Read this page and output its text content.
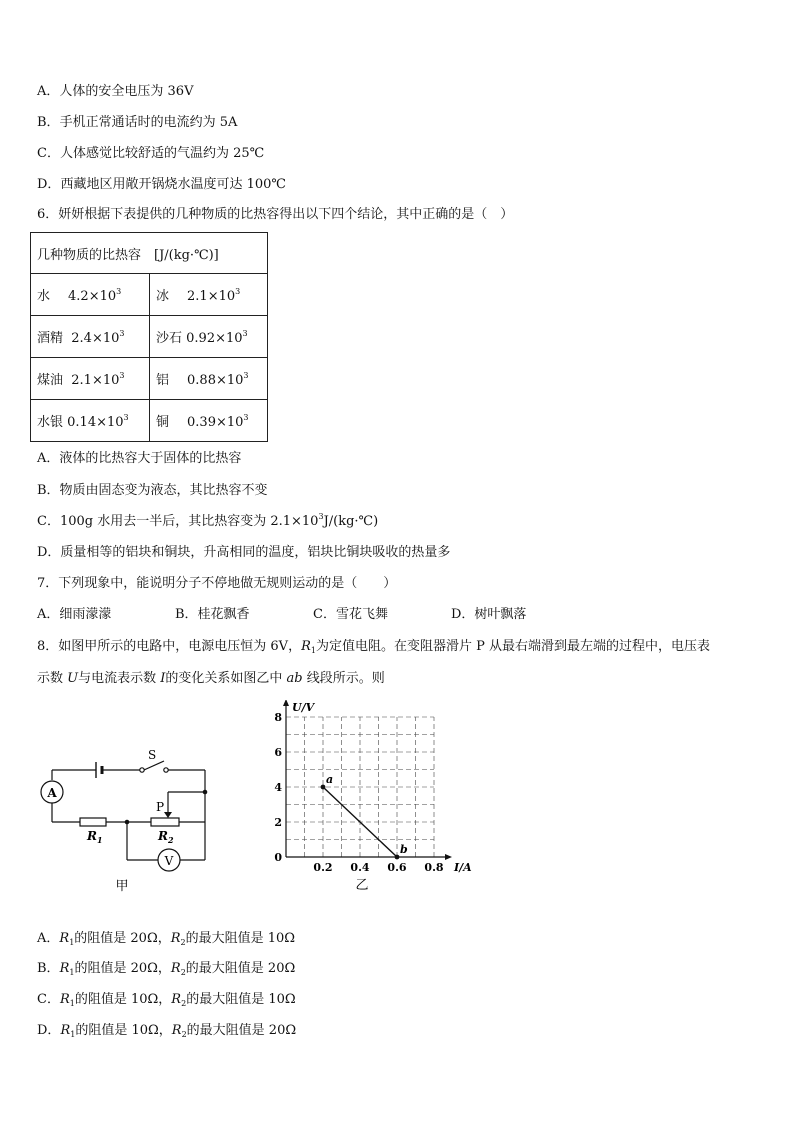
A．人体的安全电压为 36V
B．手机正常通话时的电流约为 5A
C．人体感觉比较舒适的气温约为 25℃
D．西藏地区用敞开锅烧水温度可达 100℃
6．妍妍根据下表提供的几种物质的比热容得出以下四个结论，其中正确的是（　）
几种物质的比热容　[J/(kg·℃)]	
水 $4.2\times 10^3$	冰 $2.1\times 10^3$
酒精 $2.4\times 10^3$	沙石 $0.92\times 10^3$
煤油 $2.1\times 10^3$	铝 $0.88\times 10^3$
水银 $0.14\times 10^3$	铜 $0.39\times 10^3$
A．液体的比热容大于固体的比热容
B．物质由固态变为液态，其比热容不变
C．100g 水用去一半后，其比热容变为 $2.1\times 10^3J/(kg\cdot℃)$
D．质量相等的铝块和铜块，升高相同的温度，铝块比铜块吸收的热量多
7．下列现象中，能说明分子不停地做无规则运动的是（　　）
A．细雨濛濛	B．桂花飘香	C．雪花飞舞	D．树叶飘落
8．如图甲所示的电路中，电源电压恒为 6V，$R_1$为定值电阻。在变阻器滑片 P 从最右端滑到最左端的过程中，电压表
示数 U与电流表示数 I的变化关系如图乙中 ab 线段所示。则
A
V
S
P
$R_1$	$R_2$
甲
0.2 0.4 0.6 0.8
0
2
4
6
8
I/A
U/V
a
b
乙
A．$R_1$的阻值是 20Ω，$R_2$的最大阻值是 10Ω
B．$R_1$的阻值是 20Ω，$R_2$的最大阻值是 20Ω
C．$R_1$的阻值是 10Ω，$R_2$的最大阻值是 10Ω
D．$R_1$的阻值是 10Ω，$R_2$的最大阻值是 20Ω
